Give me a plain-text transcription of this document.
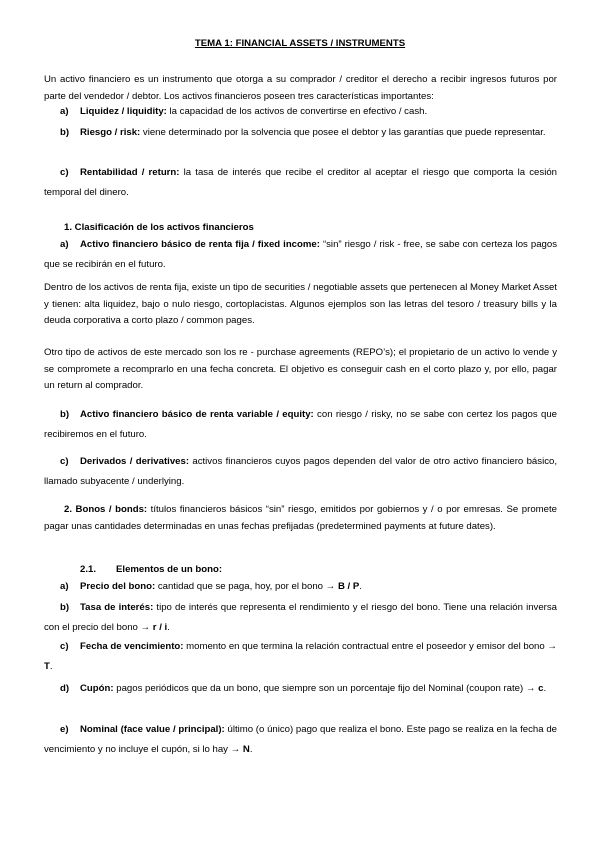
TEMA 1: FINANCIAL ASSETS / INSTRUMENTS
Un activo financiero es un instrumento que otorga a su comprador / creditor el derecho a recibir ingresos futuros por parte del vendedor / debtor. Los activos financieros poseen tres características importantes:
a) Liquidez / liquidity: la capacidad de los activos de convertirse en efectivo / cash.
b) Riesgo / risk: viene determinado por la solvencia que posee el debtor y las garantías que puede representar.
c) Rentabilidad / return: la tasa de interés que recibe el creditor al aceptar el riesgo que comporta la cesión temporal del dinero.
1. Clasificación de los activos financieros
a) Activo financiero básico de renta fija / fixed income: “sin” riesgo / risk - free, se sabe con certeza los pagos que se recibirán en el futuro.
Dentro de los activos de renta fija, existe un tipo de securities / negotiable assets que pertenecen al Money Market Asset y tienen: alta liquidez, bajo o nulo riesgo, cortoplacistas. Algunos ejemplos son las letras del tesoro / treasury bills y la deuda corporativa a corto plazo / common pages.
Otro tipo de activos de este mercado son los re - purchase agreements (REPO’s); el propietario de un activo lo vende y se compromete a recomprarlo en una fecha concreta. El objetivo es conseguir cash en el corto plazo y, por ello, pagar un return al comprador.
b) Activo financiero básico de renta variable / equity: con riesgo / risky, no se sabe con certez los pagos que recibiremos en el futuro.
c) Derivados / derivatives: activos financieros cuyos pagos dependen del valor de otro activo financiero básico, llamado subyacente / underlying.
2. Bonos / bonds: títulos financieros básicos “sin” riesgo, emitidos por gobiernos y / o por emresas. Se promete pagar unas cantidades determinadas en unas fechas prefijadas (predetermined payments at future dates).
2.1. Elementos de un bono:
a) Precio del bono: cantidad que se paga, hoy, por el bono → B / P.
b) Tasa de interés: tipo de interés que representa el rendimiento y el riesgo del bono. Tiene una relación inversa con el precio del bono → r / i.
c) Fecha de vencimiento: momento en que termina la relación contractual entre el poseedor y emisor del bono → T.
d) Cupón: pagos periódicos que da un bono, que siempre son un porcentaje fijo del Nominal (coupon rate) → c.
e) Nominal (face value / principal): último (o único) pago que realiza el bono. Este pago se realiza en la fecha de vencimiento y no incluye el cupón, si lo hay → N.
